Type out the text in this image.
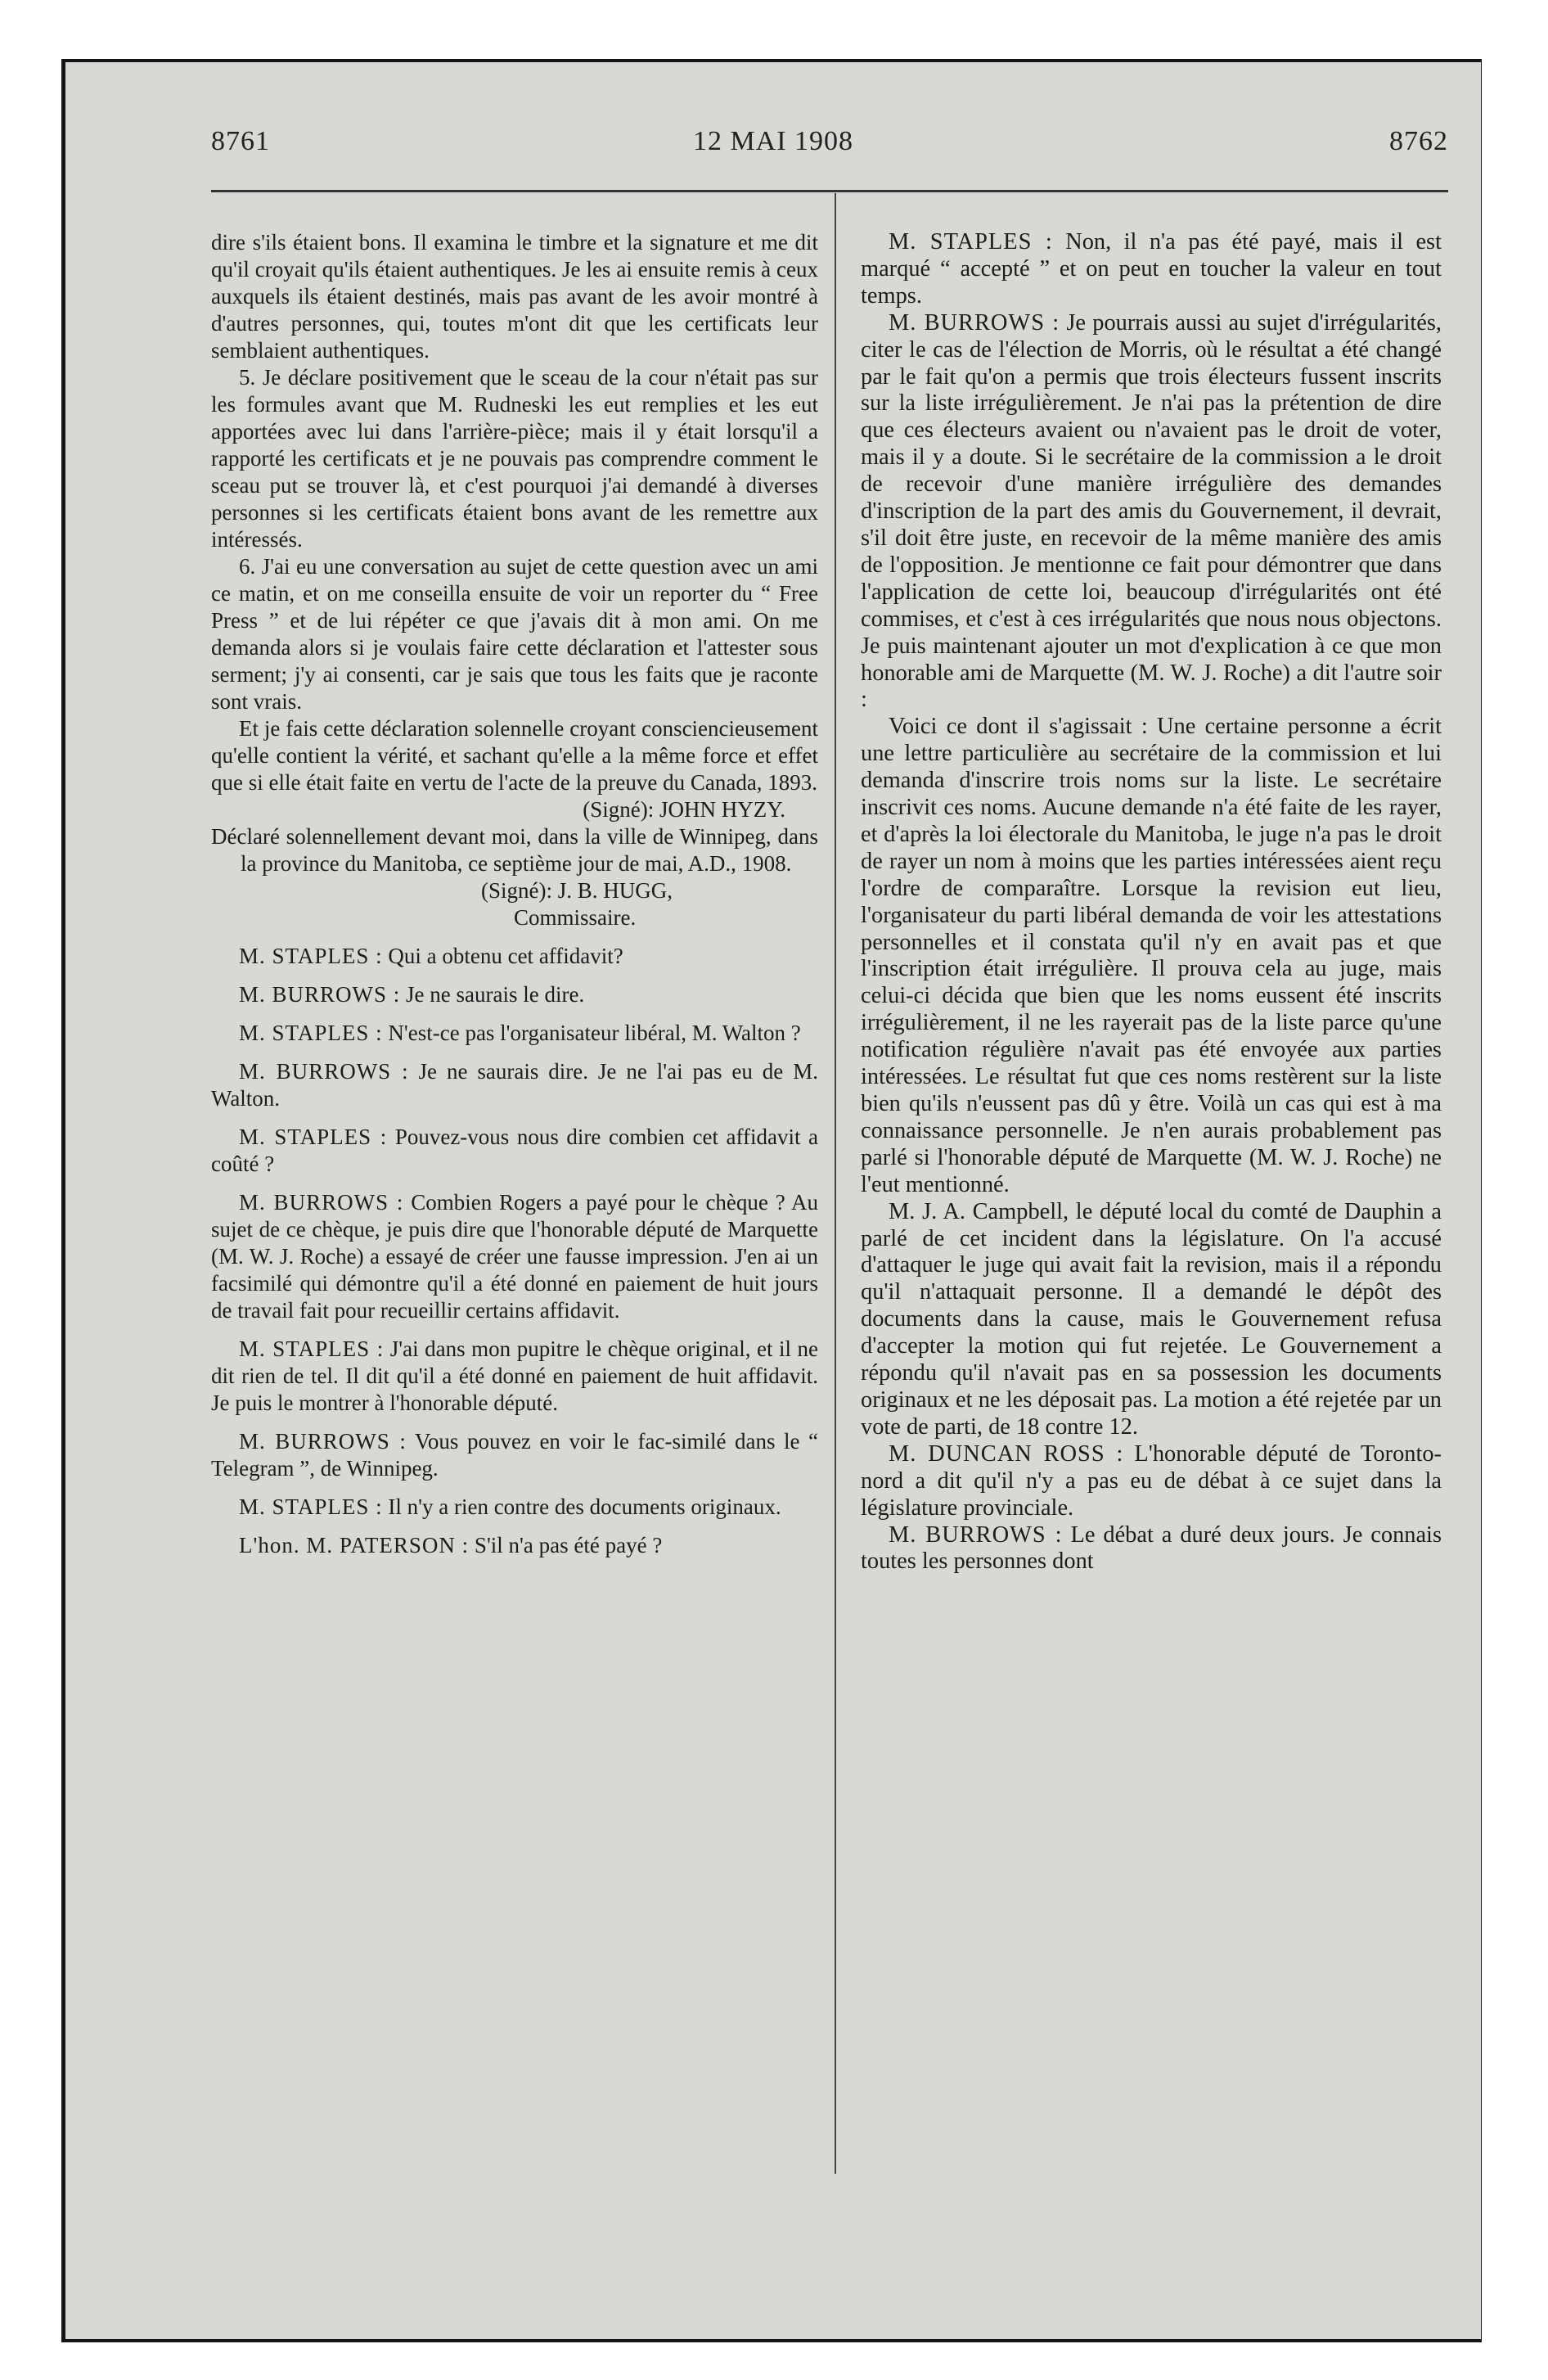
8761	12 MAI 1908	8762

dire s'ils étaient bons. Il examina le timbre et la signature et me dit qu'il croyait qu'ils étaient authentiques. Je les ai ensuite remis à ceux auxquels ils étaient destinés, mais pas avant de les avoir montré à d'autres personnes, qui, toutes m'ont dit que les certificats leur semblaient authentiques.

5. Je déclare positivement que le sceau de la cour n'était pas sur les formules avant que M. Rudneski les eut remplies et les eut apportées avec lui dans l'arrière-pièce; mais il y était lorsqu'il a rapporté les certificats et je ne pouvais pas comprendre comment le sceau put se trouver là, et c'est pourquoi j'ai demandé à diverses personnes si les certificats étaient bons avant de les remettre aux intéressés.

6. J'ai eu une conversation au sujet de cette question avec un ami ce matin, et on me conseilla ensuite de voir un reporter du “ Free Press ” et de lui répéter ce que j'avais dit à mon ami. On me demanda alors si je voulais faire cette déclaration et l'attester sous serment; j'y ai consenti, car je sais que tous les faits que je raconte sont vrais.

Et je fais cette déclaration solennelle croyant consciencieusement qu'elle contient la vérité, et sachant qu'elle a la même force et effet que si elle était faite en vertu de l'acte de la preuve du Canada, 1893.

(Signé): JOHN HYZY.

Déclaré solennellement devant moi, dans la ville de Winnipeg, dans la province du Manitoba, ce septième jour de mai, A.D., 1908.

(Signé): J. B. HUGG,

Commissaire.

M. STAPLES : Qui a obtenu cet affidavit?

M. BURROWS : Je ne saurais le dire.

M. STAPLES : N'est-ce pas l'organisateur libéral, M. Walton ?

M. BURROWS : Je ne saurais dire. Je ne l'ai pas eu de M. Walton.

M. STAPLES : Pouvez-vous nous dire combien cet affidavit a coûté ?

M. BURROWS : Combien Rogers a payé pour le chèque ? Au sujet de ce chèque, je puis dire que l'honorable député de Marquette (M. W. J. Roche) a essayé de créer une fausse impression. J'en ai un facsimilé qui démontre qu'il a été donné en paiement de huit jours de travail fait pour recueillir certains affidavit.

M. STAPLES : J'ai dans mon pupitre le chèque original, et il ne dit rien de tel. Il dit qu'il a été donné en paiement de huit affidavit. Je puis le montrer à l'honorable député.

M. BURROWS : Vous pouvez en voir le fac-similé dans le “ Telegram ”, de Winnipeg.

M. STAPLES : Il n'y a rien contre des documents originaux.

L'hon. M. PATERSON : S'il n'a pas été payé ?

M. STAPLES : Non, il n'a pas été payé, mais il est marqué “ accepté ” et on peut en toucher la valeur en tout temps.

M. BURROWS : Je pourrais aussi au sujet d'irrégularités, citer le cas de l'élection de Morris, où le résultat a été changé par le fait qu'on a permis que trois électeurs fussent inscrits sur la liste irrégulièrement. Je n'ai pas la prétention de dire que ces électeurs avaient ou n'avaient pas le droit de voter, mais il y a doute. Si le secrétaire de la commission a le droit de recevoir d'une manière irrégulière des demandes d'inscription de la part des amis du Gouvernement, il devrait, s'il doit être juste, en recevoir de la même manière des amis de l'opposition. Je mentionne ce fait pour démontrer que dans l'application de cette loi, beaucoup d'irrégularités ont été commises, et c'est à ces irrégularités que nous nous objectons. Je puis maintenant ajouter un mot d'explication à ce que mon honorable ami de Marquette (M. W. J. Roche) a dit l'autre soir :

Voici ce dont il s'agissait : Une certaine personne a écrit une lettre particulière au secrétaire de la commission et lui demanda d'inscrire trois noms sur la liste. Le secrétaire inscrivit ces noms. Aucune demande n'a été faite de les rayer, et d'après la loi électorale du Manitoba, le juge n'a pas le droit de rayer un nom à moins que les parties intéressées aient reçu l'ordre de comparaître. Lorsque la revision eut lieu, l'organisateur du parti libéral demanda de voir les attestations personnelles et il constata qu'il n'y en avait pas et que l'inscription était irrégulière. Il prouva cela au juge, mais celui-ci décida que bien que les noms eussent été inscrits irrégulièrement, il ne les rayerait pas de la liste parce qu'une notification régulière n'avait pas été envoyée aux parties intéressées. Le résultat fut que ces noms restèrent sur la liste bien qu'ils n'eussent pas dû y être. Voilà un cas qui est à ma connaissance personnelle. Je n'en aurais probablement pas parlé si l'honorable député de Marquette (M. W. J. Roche) ne l'eut mentionné.

M. J. A. Campbell, le député local du comté de Dauphin a parlé de cet incident dans la législature. On l'a accusé d'attaquer le juge qui avait fait la revision, mais il a répondu qu'il n'attaquait personne. Il a demandé le dépôt des documents dans la cause, mais le Gouvernement refusa d'accepter la motion qui fut rejetée. Le Gouvernement a répondu qu'il n'avait pas en sa possession les documents originaux et ne les déposait pas. La motion a été rejetée par un vote de parti, de 18 contre 12.

M. DUNCAN ROSS : L'honorable député de Toronto-nord a dit qu'il n'y a pas eu de débat à ce sujet dans la législature provinciale.

M. BURROWS : Le débat a duré deux jours. Je connais toutes les personnes dont
